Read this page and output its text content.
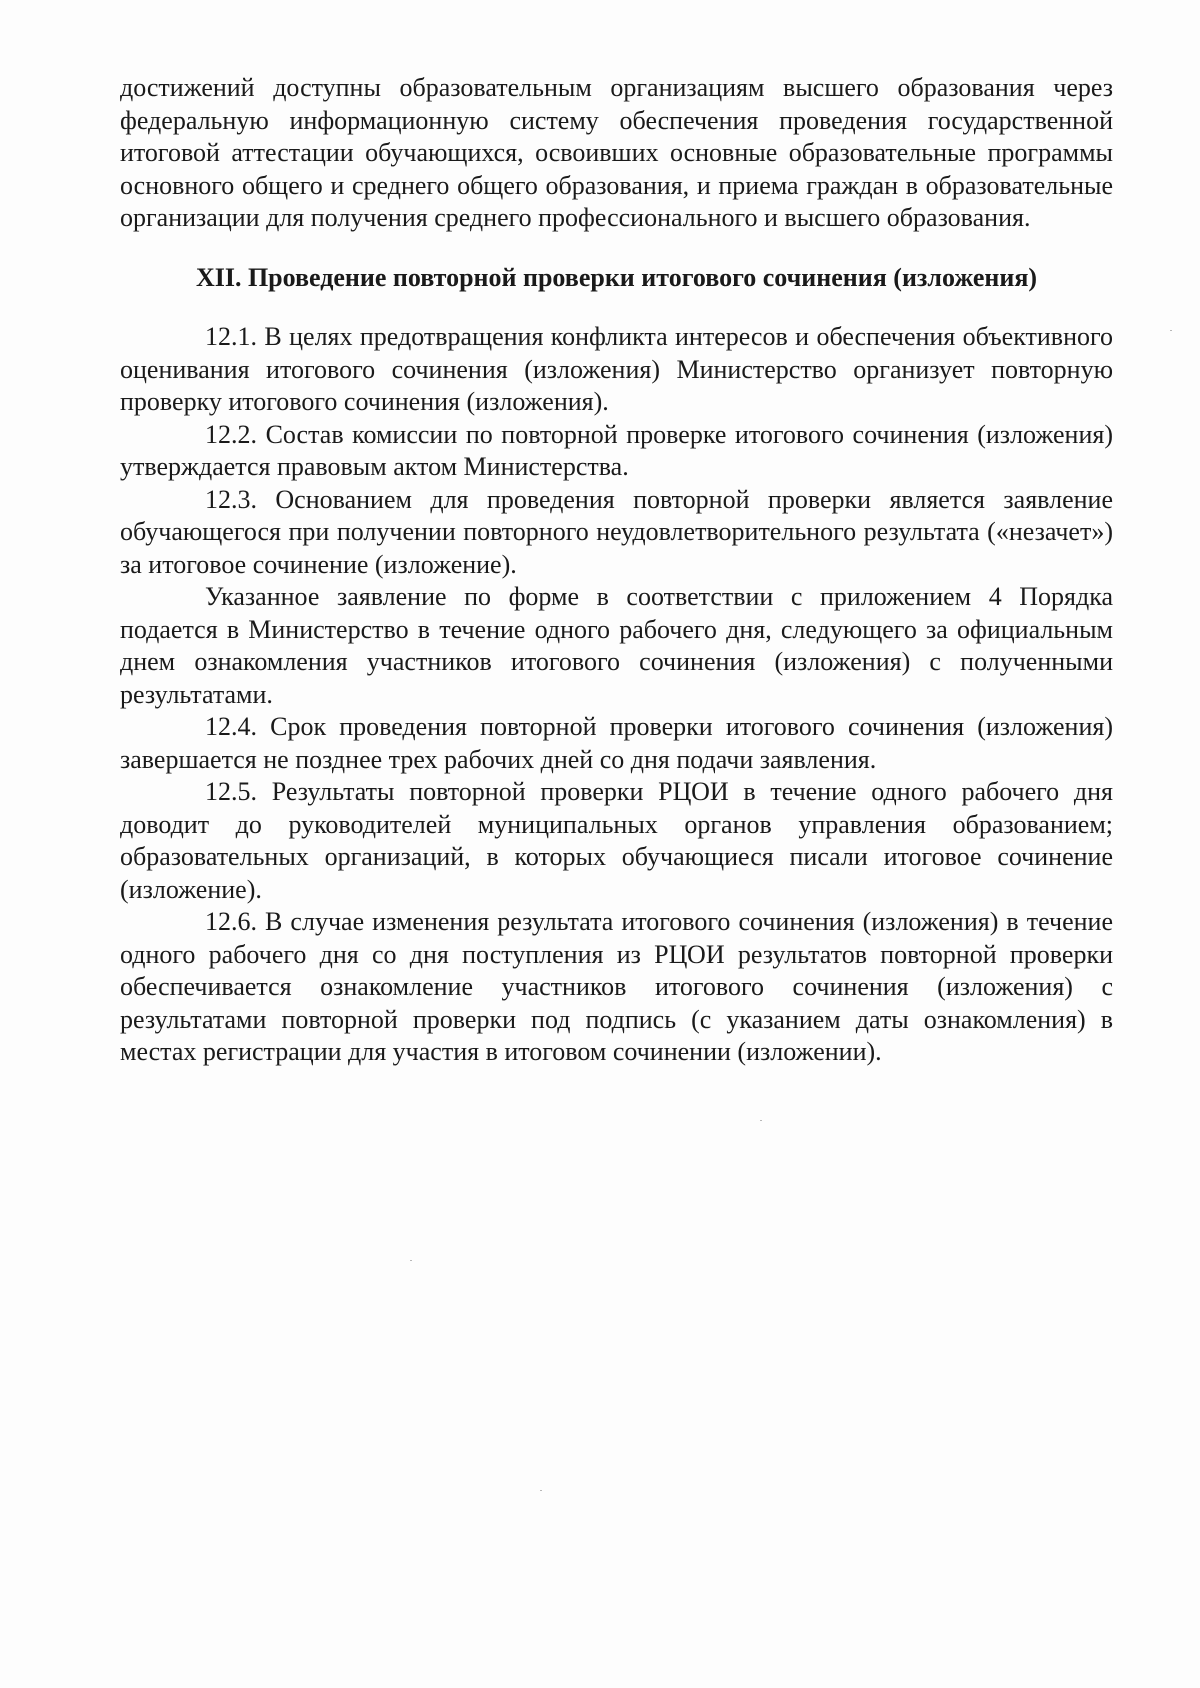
достижений доступны образовательным организациям высшего образования через федеральную информационную систему обеспечения проведения государственной итоговой аттестации обучающихся, освоивших основные образовательные программы основного общего и среднего общего образования, и приема граждан в образовательные организации для получения среднего профессионального и высшего образования.

XII. Проведение повторной проверки итогового сочинения (изложения)

12.1. В целях предотвращения конфликта интересов и обеспечения объективного оценивания итогового сочинения (изложения) Министерство организует повторную проверку итогового сочинения (изложения).

12.2. Состав комиссии по повторной проверке итогового сочинения (изложения) утверждается правовым актом Министерства.

12.3. Основанием для проведения повторной проверки является заявление обучающегося при получении повторного неудовлетворительного результата («незачет») за итоговое сочинение (изложение).

Указанное заявление по форме в соответствии с приложением 4 Порядка подается в Министерство в течение одного рабочего дня, следующего за официальным днем ознакомления участников итогового сочинения (изложения) с полученными результатами.

12.4. Срок проведения повторной проверки итогового сочинения (изложения) завершается не позднее трех рабочих дней со дня подачи заявления.

12.5. Результаты повторной проверки РЦОИ в течение одного рабочего дня доводит до руководителей муниципальных органов управления образованием; образовательных организаций, в которых обучающиеся писали итоговое сочинение (изложение).

12.6. В случае изменения результата итогового сочинения (изложения) в течение одного рабочего дня со дня поступления из РЦОИ результатов повторной проверки обеспечивается ознакомление участников итогового сочинения (изложения) с результатами повторной проверки под подпись (с указанием даты ознакомления) в местах регистрации для участия в итоговом сочинении (изложении).
